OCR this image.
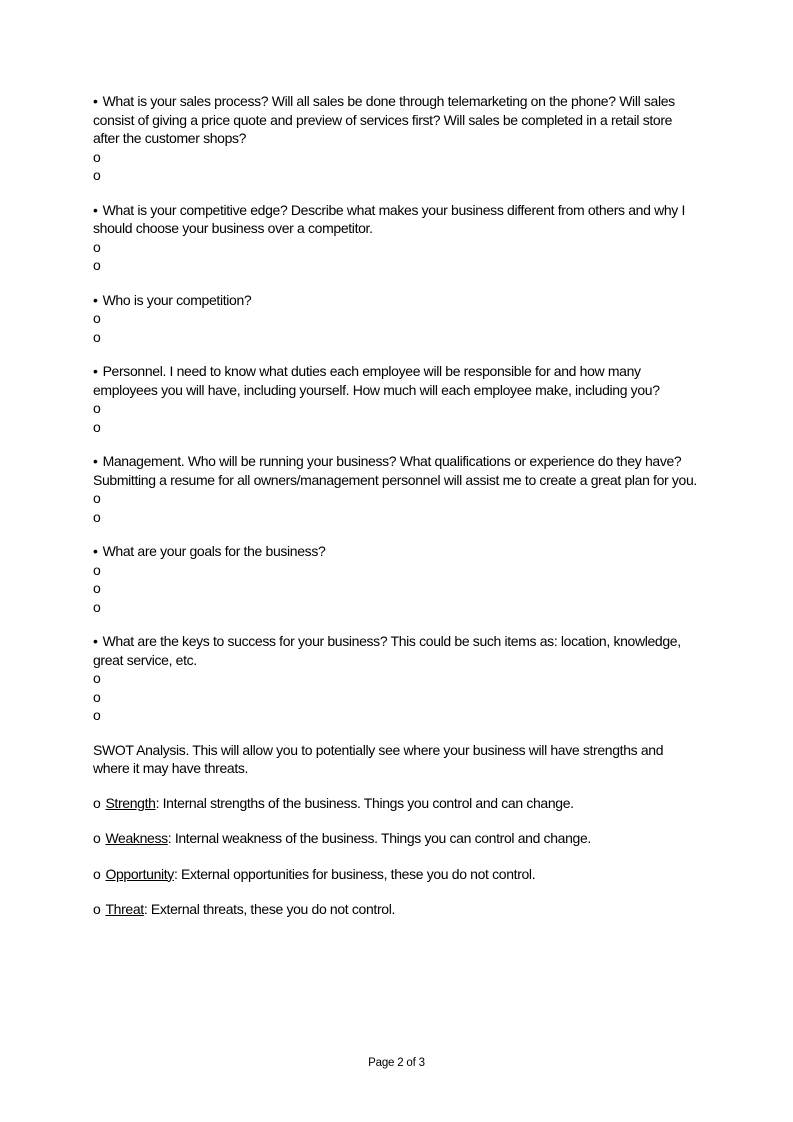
• What is your sales process? Will all sales be done through telemarketing on the phone? Will sales consist of giving a price quote and preview of services first? Will sales be completed in a retail store after the customer shops?

o
o

• What is your competitive edge? Describe what makes your business different from others and why I should choose your business over a competitor.

o
o

• Who is your competition?

o
o

• Personnel. I need to know what duties each employee will be responsible for and how many employees you will have, including yourself. How much will each employee make, including you?

o
o

• Management. Who will be running your business? What qualifications or experience do they have? Submitting a resume for all owners/management personnel will assist me to create a great plan for you.

o
o

• What are your goals for the business?

o
o
o

• What are the keys to success for your business? This could be such items as: location, knowledge, great service, etc.

o
o
o

SWOT Analysis. This will allow you to potentially see where your business will have strengths and where it may have threats.

o Strength: Internal strengths of the business. Things you control and can change.

o Weakness: Internal weakness of the business. Things you can control and change.

o Opportunity: External opportunities for business, these you do not control.

o Threat: External threats, these you do not control.

Page 2 of 3
